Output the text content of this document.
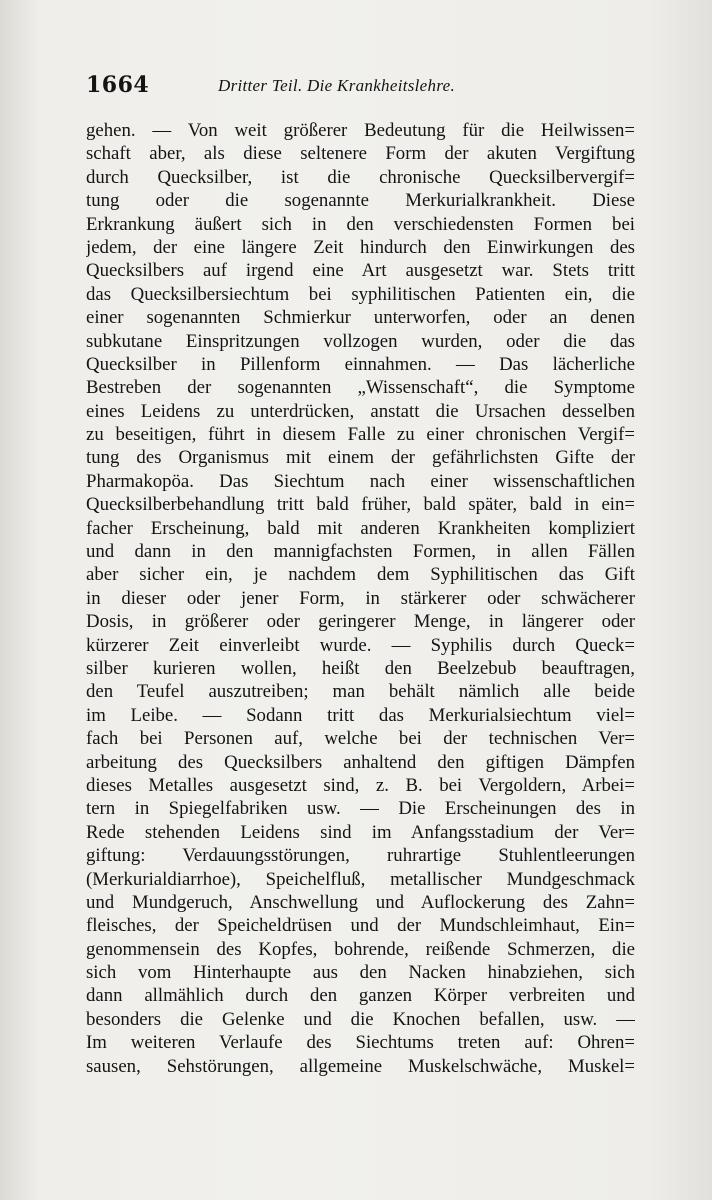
1664	Dritter Teil. Die Krankheitslehre.
gehen. — Von weit größerer Bedeutung für die Heilwissen=
schaft aber, als diese seltenere Form der akuten Vergiftung
durch Quecksilber, ist die chronische Quecksilbervergif=
tung oder die sogenannte Merkurialkrankheit. Diese
Erkrankung äußert sich in den verschiedensten Formen bei
jedem, der eine längere Zeit hindurch den Einwirkungen des
Quecksilbers auf irgend eine Art ausgesetzt war. Stets tritt
das Quecksilbersiechtum bei syphilitischen Patienten ein, die
einer sogenannten Schmierkur unterworfen, oder an denen
subkutane Einspritzungen vollzogen wurden, oder die das
Quecksilber in Pillenform einnahmen. — Das lächerliche
Bestreben der sogenannten „Wissenschaft“, die Symptome
eines Leidens zu unterdrücken, anstatt die Ursachen desselben
zu beseitigen, führt in diesem Falle zu einer chronischen Vergif=
tung des Organismus mit einem der gefährlichsten Gifte der
Pharmakopöa. Das Siechtum nach einer wissenschaftlichen
Quecksilberbehandlung tritt bald früher, bald später, bald in ein=
facher Erscheinung, bald mit anderen Krankheiten kompliziert
und dann in den mannigfachsten Formen, in allen Fällen
aber sicher ein, je nachdem dem Syphilitischen das Gift
in dieser oder jener Form, in stärkerer oder schwächerer
Dosis, in größerer oder geringerer Menge, in längerer oder
kürzerer Zeit einverleibt wurde. — Syphilis durch Queck=
silber kurieren wollen, heißt den Beelzebub beauftragen,
den Teufel auszutreiben; man behält nämlich alle beide
im Leibe. — Sodann tritt das Merkurialsiechtum viel=
fach bei Personen auf, welche bei der technischen Ver=
arbeitung des Quecksilbers anhaltend den giftigen Dämpfen
dieses Metalles ausgesetzt sind, z. B. bei Vergoldern, Arbei=
tern in Spiegelfabriken usw. — Die Erscheinungen des in
Rede stehenden Leidens sind im Anfangsstadium der Ver=
giftung: Verdauungsstörungen, ruhrartige Stuhlentleerungen
(Merkurialdiarrhoe), Speichelfluß, metallischer Mundgeschmack
und Mundgeruch, Anschwellung und Auflockerung des Zahn=
fleisches, der Speicheldrüsen und der Mundschleimhaut, Ein=
genommensein des Kopfes, bohrende, reißende Schmerzen, die
sich vom Hinterhaupte aus den Nacken hinabziehen, sich
dann allmählich durch den ganzen Körper verbreiten und
besonders die Gelenke und die Knochen befallen, usw. —
Im weiteren Verlaufe des Siechtums treten auf: Ohren=
sausen, Sehstörungen, allgemeine Muskelschwäche, Muskel=
